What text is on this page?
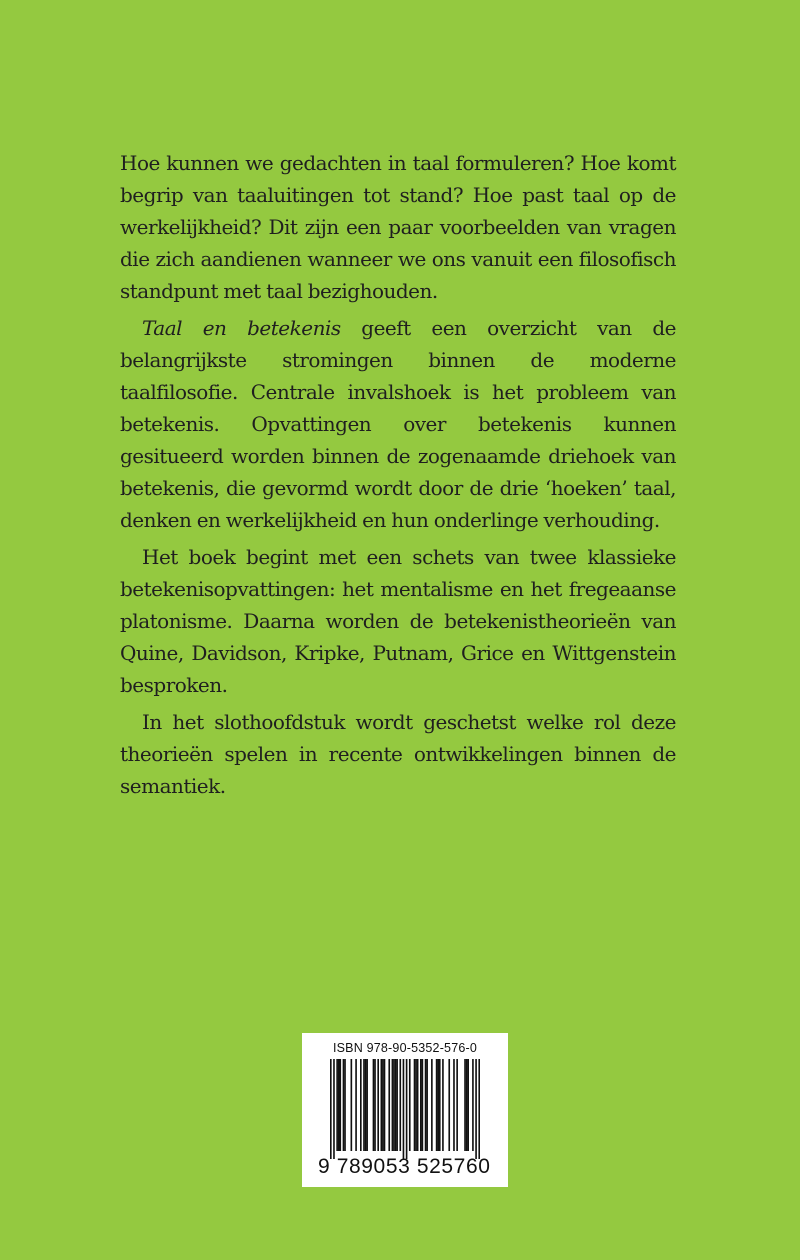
Hoe kunnen we gedachten in taal formuleren? Hoe komt begrip van taaluitingen tot stand? Hoe past taal op de werkelijkheid? Dit zijn een paar voorbeelden van vragen die zich aandienen wanneer we ons vanuit een filosofisch standpunt met taal bezighouden.

Taal en betekenis geeft een overzicht van de belangrijkste stromingen binnen de moderne taalfilosofie. Centrale invalshoek is het probleem van betekenis. Opvattingen over betekenis kunnen gesitueerd worden binnen de zogenaamde driehoek van betekenis, die gevormd wordt door de drie ‘hoeken’ taal, denken en werkelijkheid en hun onderlinge verhouding.

Het boek begint met een schets van twee klassieke betekenisopvattingen: het mentalisme en het fregeaanse platonisme. Daarna worden de betekenistheorieën van Quine, Davidson, Kripke, Putnam, Grice en Wittgenstein besproken.

In het slothoofdstuk wordt geschetst welke rol deze theorieën spelen in recente ontwikkelingen binnen de semantiek.

ISBN 978-90-5352-576-0
9 789053 525760
